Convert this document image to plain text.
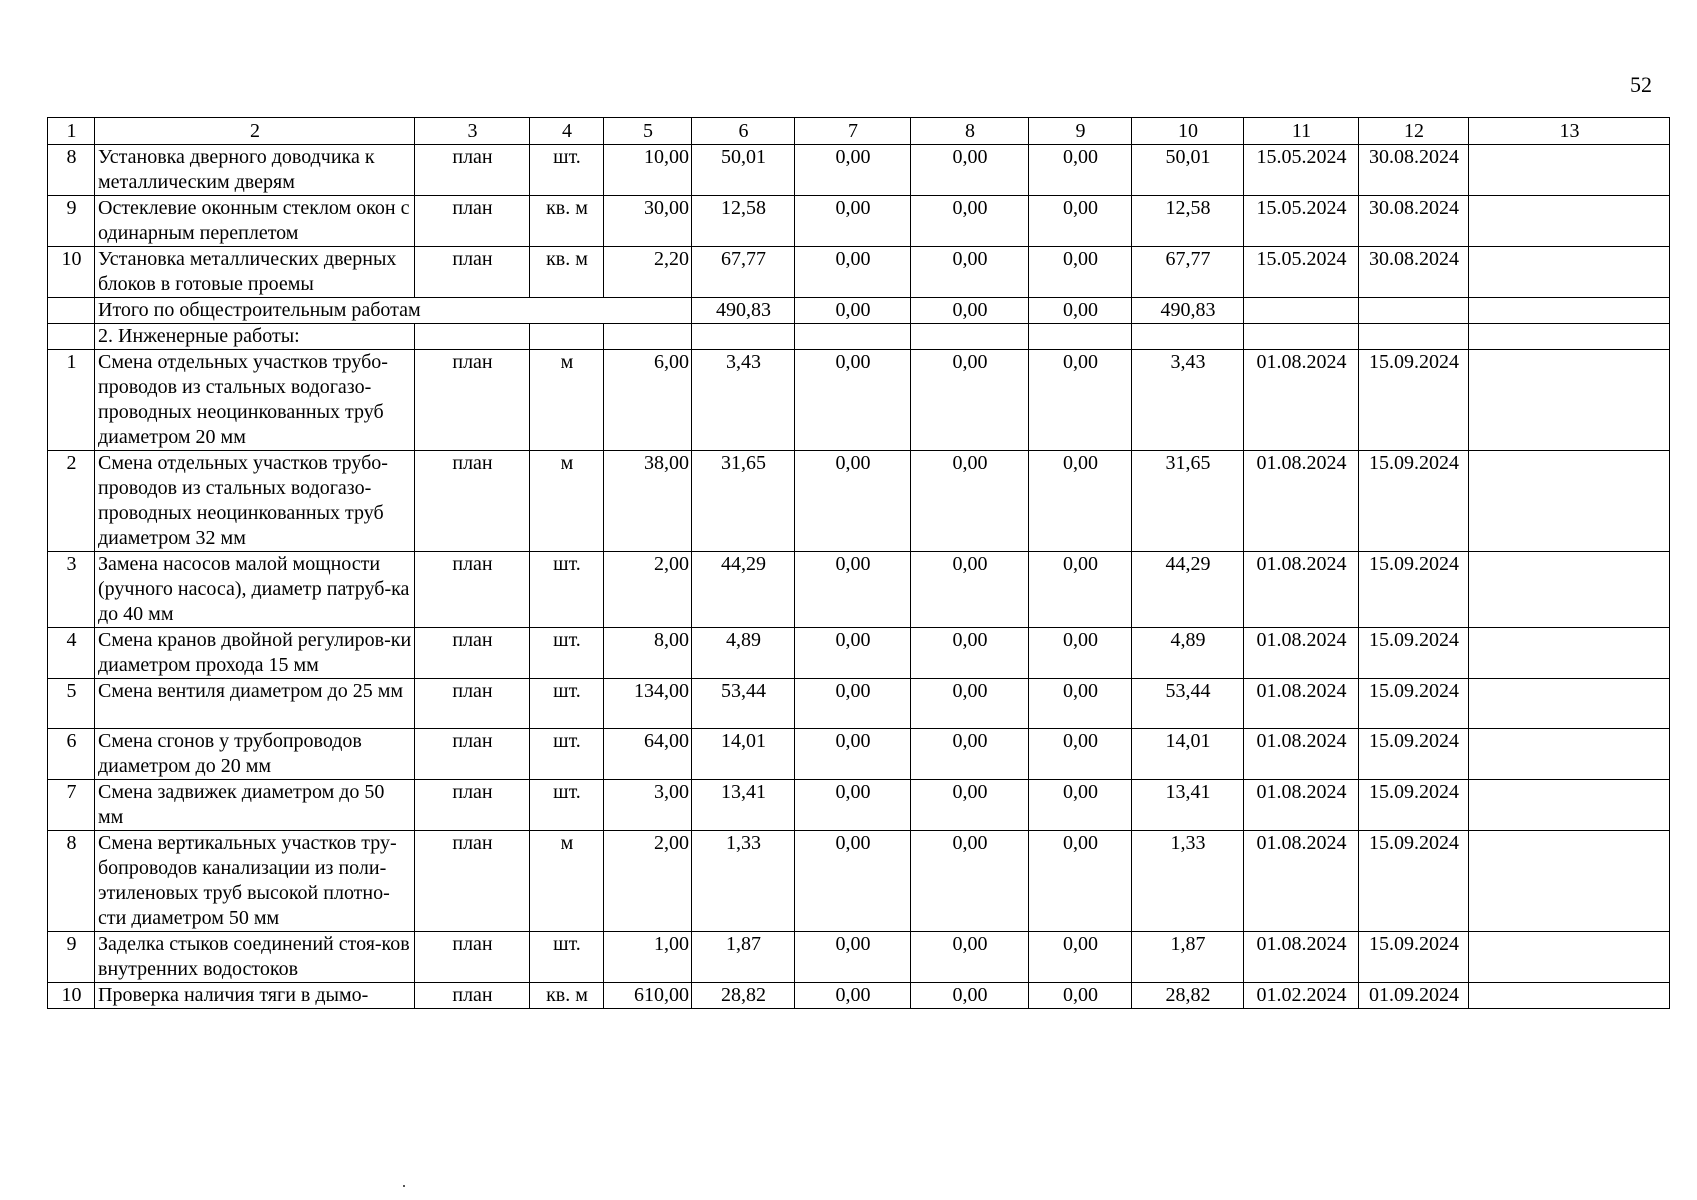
52
1	2	3	4	5	6	7	8	9	10	11	12	13
8	Установка дверного доводчика к металлическим дверям	план	шт.	10,00	50,01	0,00	0,00	0,00	50,01	15.05.2024	30.08.2024	
9	Остеклевие оконным стеклом окон с одинарным переплетом	план	кв. м	30,00	12,58	0,00	0,00	0,00	12,58	15.05.2024	30.08.2024	
10	Установка металлических дверных блоков в готовые проемы	план	кв. м	2,20	67,77	0,00	0,00	0,00	67,77	15.05.2024	30.08.2024	
	Итого по общестроительным работам				490,83	0,00	0,00	0,00	490,83			
	2. Инженерные работы:											
1	Смена отдельных участков трубо-проводов из стальных водогазо-проводных неоцинкованных труб диаметром 20 мм	план	м	6,00	3,43	0,00	0,00	0,00	3,43	01.08.2024	15.09.2024	
2	Смена отдельных участков трубо-проводов из стальных водогазо-проводных неоцинкованных труб диаметром 32 мм	план	м	38,00	31,65	0,00	0,00	0,00	31,65	01.08.2024	15.09.2024	
3	Замена насосов малой мощности (ручного насоса), диаметр патруб-ка до 40 мм	план	шт.	2,00	44,29	0,00	0,00	0,00	44,29	01.08.2024	15.09.2024	
4	Смена кранов двойной регулиров-ки диаметром прохода 15 мм	план	шт.	8,00	4,89	0,00	0,00	0,00	4,89	01.08.2024	15.09.2024	
5	Смена вентиля диаметром до 25 мм	план	шт.	134,00	53,44	0,00	0,00	0,00	53,44	01.08.2024	15.09.2024	
6	Смена сгонов у трубопроводов диаметром до 20 мм	план	шт.	64,00	14,01	0,00	0,00	0,00	14,01	01.08.2024	15.09.2024	
7	Смена задвижек диаметром до 50 мм	план	шт.	3,00	13,41	0,00	0,00	0,00	13,41	01.08.2024	15.09.2024	
8	Смена вертикальных участков тру-бопроводов канализации из поли-этиленовых труб высокой плотно-сти диаметром 50 мм	план	м	2,00	1,33	0,00	0,00	0,00	1,33	01.08.2024	15.09.2024	
9	Заделка стыков соединений стоя-ков внутренних водостоков	план	шт.	1,00	1,87	0,00	0,00	0,00	1,87	01.08.2024	15.09.2024	
10	Проверка наличия тяги в дымо-	план	кв. м	610,00	28,82	0,00	0,00	0,00	28,82	01.02.2024	01.09.2024	
